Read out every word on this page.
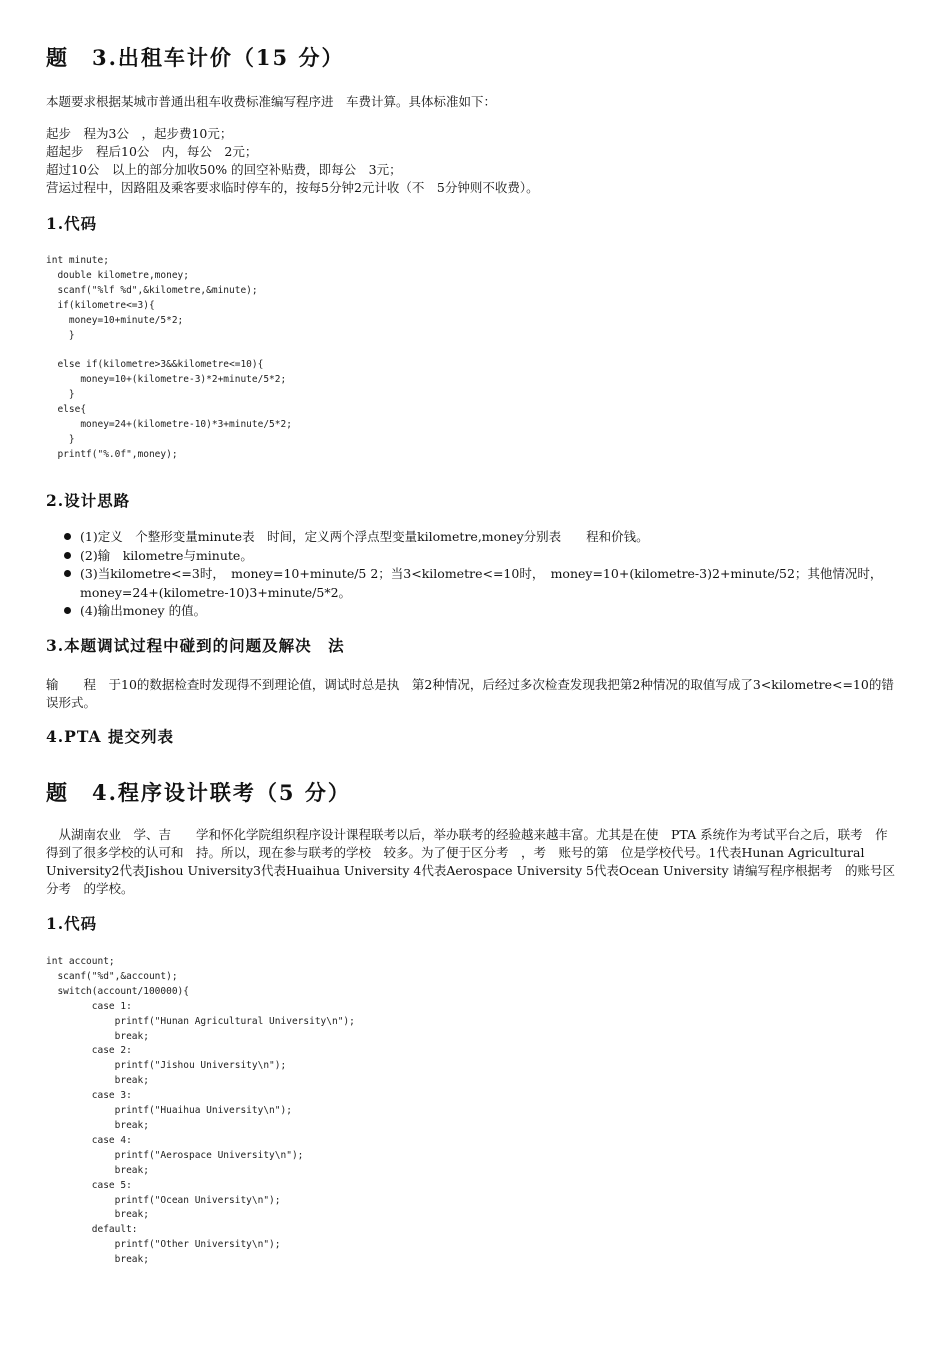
题　3.出租车计价（15 分）
本题要求根据某城市普通出租车收费标准编写程序进　车费计算。具体标准如下：
起步　程为3公　，起步费10元；
超起步　程后10公　内，每公　2元；
超过10公　以上的部分加收50% 的回空补贴费，即每公　3元；
营运过程中，因路阻及乘客要求临时停车的，按每5分钟2元计收（不　5分钟则不收费）。
1.代码
int minute;
double kilometre,money;
scanf("%lf %d",&kilometre,&minute);
if(kilometre<=3){
money=10+minute/5*2;
}

else if(kilometre>3&&kilometre<=10){
money=10+(kilometre-3)*2+minute/5*2;
}
else{
money=24+(kilometre-10)*3+minute/5*2;
}
printf("%.0f",money);
2.设计思路
(1)定义　个整形变量minute表　时间，定义两个浮点型变量kilometre,money分别表　　程和价钱。
(2)输　kilometre与minute。
(3)当kilometre<=3时，　money=10+minute/5 2；当3<kilometre<=10时，　money=10+(kilometre-3)2+minute/52；其他情况时，money=24+(kilometre-10)3+minute/5*2。
(4)输出money 的值。
3.本题调试过程中碰到的问题及解决　法
输　　程　于10的数据检查时发现得不到理论值，调试时总是执　第2种情况，后经过多次检查发现我把第2种情况的取值写成了3<kilometre<=10的错误形式。
4.PTA 提交列表
题　4.程序设计联考（5 分）
　从湖南农业　学、吉　　学和怀化学院组织程序设计课程联考以后，举办联考的经验越来越丰富。尤其是在使　PTA 系统作为考试平台之后，联考　作得到了很多学校的认可和　持。所以，现在参与联考的学校　较多。为了便于区分考　，考　账号的第　位是学校代号。1代表Hunan Agricultural University2代表Jishou University3代表Huaihua University 4代表Aerospace University 5代表Ocean University 请编写程序根据考　的账号区分考　的学校。
1.代码
int account;
scanf("%d",&account);
switch(account/100000){
case 1:
printf("Hunan Agricultural University\n");
break;
case 2:
printf("Jishou University\n");
break;
case 3:
printf("Huaihua University\n");
break;
case 4:
printf("Aerospace University\n");
break;
case 5:
printf("Ocean University\n");
break;
default:
printf("Other University\n");
break;
